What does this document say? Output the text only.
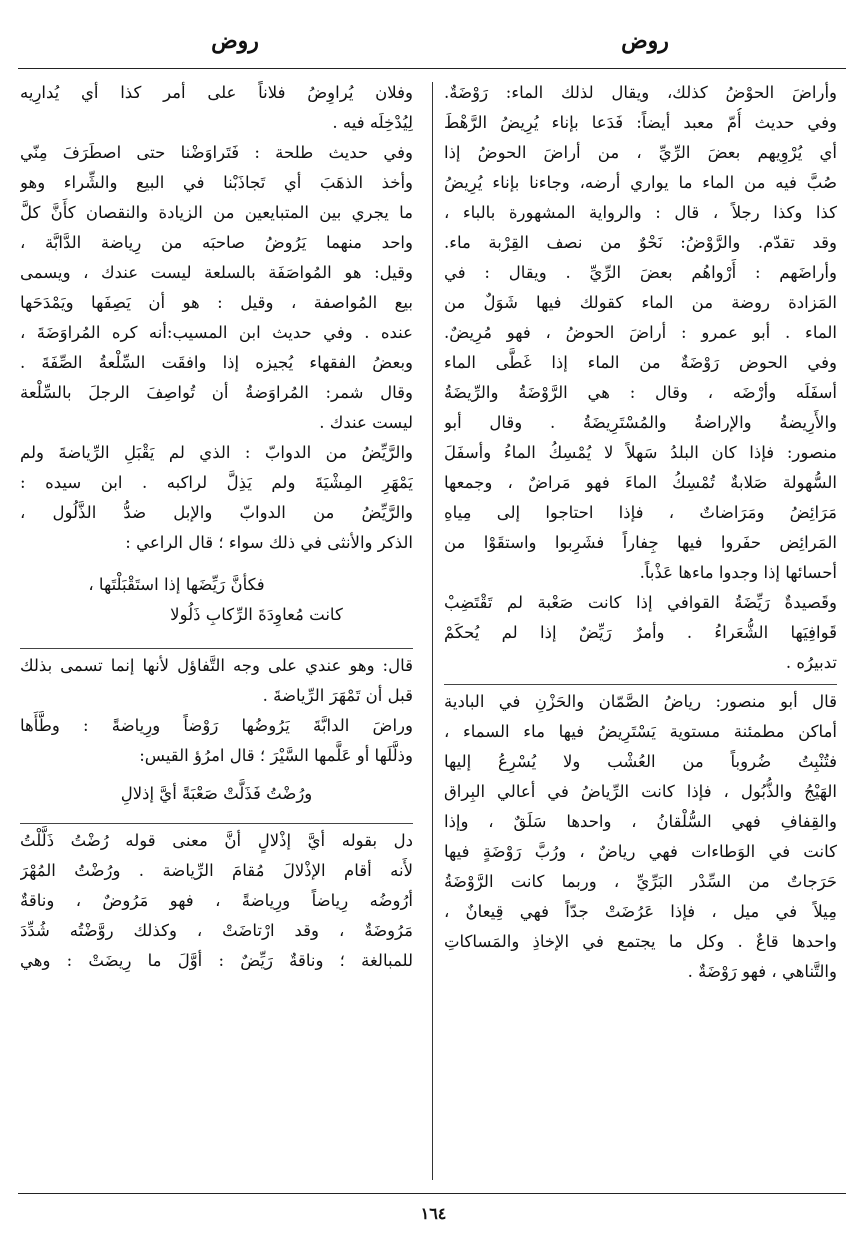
روض
روض
وأراضَ الحوْضُ كذلك، ويقال لذلك الماء: رَوْضَةٌ.
وفي حديث أُمّ معبد أيضاً: فَدَعا بإناء يُرِيضُ الرَّهْطَ
أي يُرْوِيهم بعضَ الرِّيِّ ، من أراضَ الحوضُ إذا
صُبَّ فيه من الماء ما يواري أرضه، وجاءنا بإناء يُرِيضُ
كذا وكذا رجلاً ، قال : والرواية المشهورة بالباء ،
وقد تقدّم. والرَّوْضُ: نَحْوٌ من نصف القِرْبة ماء.
وأراضَهم : أَرْواهُم بعضَ الرِّيِّ . ويقال : في
المَزادة روضة من الماء كقولك فيها شَوَلٌ من
الماء . أبو عمرو : أراضَ الحوضُ ، فهو مُرِيضٌ.
وفي الحوض رَوْضَةٌ من الماء إذا غَطَّى الماء
أسفَلَه وأرْضَه ، وقال : هي الرَّوْضَةُ والرِّيضَةُ
والأَرِيضةُ والإراضةُ والمُسْتَرِيضَةُ . وقال أبو
منصور: فإذا كان البلدُ سَهلاً لا يُمْسِكُ الماءُ وأسفَلَ
السُّهولة صَلابةٌ تُمْسِكُ الماءَ فهو مَراضٌ ، وجمعها
مَرَائِضُ ومَرَاضاتٌ ، فإذا احتاجوا إلى مِياهِ
المَرائِض حفَروا فيها جِفاراً فشَرِبوا واستقَوْا من
أحسائها إذا وجدوا ماءها عَذْباً.
وقَصيدةٌ رَيِّضَةُ القوافي إذا كانت صَعْبة لم تَقْتَضِبْ
قَوافِيَها الشُّعَراءُ . وأمرٌ رَيِّضٌ إذا لم يُحكَمْ
تدبيرُه .
قال أبو منصور: رياضُ الصَّمّان والحَزْنِ في البادية
أماكن مطمئنة مستوية يَسْتَرِيضُ فيها ماء السماء ،
فتُنْبِتُ ضُروباً من العُشْب ولا يُسْرِعُ إليها
الهَيْجُ والذُّبُول ، فإذا كانت الرِّياضُ في أعالي البِراق
والقِفافِ فهي السُّلْقانُ ، واحدها سَلَقٌ ، وإذا
كانت في الوَطاءات فهي رياضٌ ، ورُبَّ رَوْضَةٍ فيها
حَرَجاتٌ من السِّدْر البَرِّيِّ ، وربما كانت الرَّوْضَةُ
مِيلاً في ميل ، فإذا عَرُضَتْ جدّاً فهي قِيعانٌ ،
واحدها قاعٌ . وكل ما يجتمع في الإخاذِ والمَساكاتِ
والتَّناهي ، فهو رَوْضَةٌ .
وفلان يُراوِضُ فلاناً على أمر كذا أي يُدارِيه
لِيُدْخِلَه فيه .
وفي حديث طلحة : فَتَراوَضْنا حتى اصطَرَفَ مِنّي
وأخذ الذهَبَ أي تَجاذَبْنا في البيع والشِّراء وهو
ما يجري بين المتبايعين من الزيادة والنقصان كأَنَّ كلَّ
واحد منهما يَرُوضُ صاحبَه من رِياضة الدَّابَّة ،
وقيل: هو المُواصَفَة بالسلعة ليست عندك ، ويسمى
بيع المُواصفة ، وقيل : هو أن يَصِفَها ويَمْدَحَها
عنده . وفي حديث ابن المسيب:أنه كره المُراوَضَةَ ،
وبعضُ الفقهاء يُجيزه إذا وافقَت السِّلْعةُ الصِّفَةَ .
وقال شمر: المُراوَضةُ أن تُواصِفَ الرجلَ بالسِّلْعة
ليست عندك .
والرَّيِّضُ من الدوابّ : الذي لم يَقْبَلِ الرِّياضةَ ولم
يَمْهَرِ المِشْيَةَ ولم يَذِلَّ لراكبه . ابن سيده :
والرَّيِّضُ من الدوابّ والإبل ضدُّ الذَّلُول ،
الذكر والأنثى في ذلك سواء ؛ قال الراعي :
فكأنَّ رَيِّضَها إذا استَقْبَلْتَها ،
كانت مُعاوِدَةَ الرِّكابِ ذَلُولا
قال: وهو عندي على وجه التَّفاؤل لأنها إنما تسمى بذلك
قبل أن تَمْهَرَ الرِّياضةَ .
وراضَ الدابَّةَ يَرُوضُها رَوْضاً ورِياضةً : وطَّأَها
وذلَّلَها أو عَلَّمها السَّيْرَ ؛ قال امرُؤ القيس:
ورُضْتُ فَذَلَّتْ صَعْبَةً أيَّ إذلالِ
دل بقوله أيَّ إذْلالٍ أنَّ معنى قوله رُضْتُ ذَلَّلْتُ
لأَنه أقام الإذْلالَ مُقامَ الرِّياضة . ورُضْتُ المُهْرَ
أرُوضُه رِياضاً ورِياضةً ، فهو مَرُوضٌ ، وناقةٌ
مَرُوضَةٌ ، وقد ارْتاضَتْ ، وكذلك روَّضْتُه شُدِّدَ
للمبالغة ؛ وناقةٌ رَيِّضٌ : أوَّلَ ما رِيضَتْ : وهي
١٦٤
